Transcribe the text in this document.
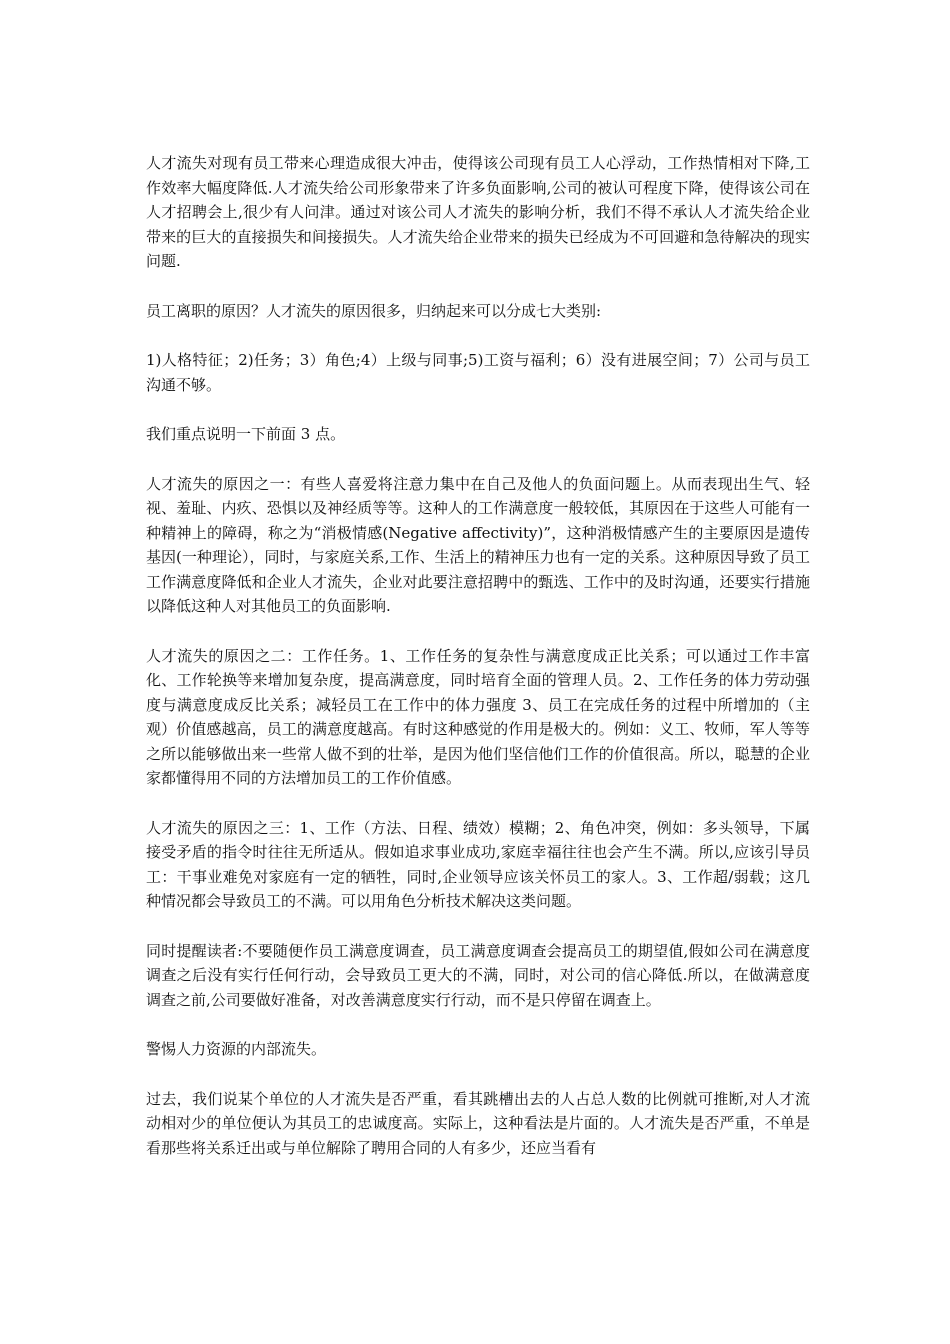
人才流失对现有员工带来心理造成很大冲击，使得该公司现有员工人心浮动，工作热情相对下降,工作效率大幅度降低.人才流失给公司形象带来了许多负面影响,公司的被认可程度下降，使得该公司在人才招聘会上,很少有人问津。通过对该公司人才流失的影响分析，我们不得不承认人才流失给企业带来的巨大的直接损失和间接损失。人才流失给企业带来的损失已经成为不可回避和急待解决的现实问题.

员工离职的原因？人才流失的原因很多，归纳起来可以分成七大类别:

1)人格特征；2)任务；3）角色;4）上级与同事;5)工资与福利；6）没有进展空间；7）公司与员工沟通不够。

我们重点说明一下前面 3 点。

人才流失的原因之一：有些人喜爱将注意力集中在自己及他人的负面问题上。从而表现出生气、轻视、羞耻、内疚、恐惧以及神经质等等。这种人的工作满意度一般较低，其原因在于这些人可能有一种精神上的障碍，称之为“消极情感(Negative affectivity)”，这种消极情感产生的主要原因是遗传基因(一种理论），同时，与家庭关系,工作、生活上的精神压力也有一定的关系。这种原因导致了员工工作满意度降低和企业人才流失，企业对此要注意招聘中的甄选、工作中的及时沟通，还要实行措施以降低这种人对其他员工的负面影响.

人才流失的原因之二：工作任务。1、工作任务的复杂性与满意度成正比关系；可以通过工作丰富化、工作轮换等来增加复杂度，提高满意度，同时培育全面的管理人员。2、工作任务的体力劳动强度与满意度成反比关系；减轻员工在工作中的体力强度 3、员工在完成任务的过程中所增加的（主观）价值感越高，员工的满意度越高。有时这种感觉的作用是极大的。例如：义工、牧师，军人等等之所以能够做出来一些常人做不到的壮举，是因为他们坚信他们工作的价值很高。所以，聪慧的企业家都懂得用不同的方法增加员工的工作价值感。

人才流失的原因之三：1、工作（方法、日程、绩效）模糊；2、角色冲突，例如：多头领导，下属接受矛盾的指令时往往无所适从。假如追求事业成功,家庭幸福往往也会产生不满。所以,应该引导员工：干事业难免对家庭有一定的牺牲，同时,企业领导应该关怀员工的家人。3、工作超/弱载；这几种情况都会导致员工的不满。可以用角色分析技术解决这类问题。

同时提醒读者:不要随便作员工满意度调查，员工满意度调查会提高员工的期望值,假如公司在满意度调查之后没有实行任何行动，会导致员工更大的不满，同时，对公司的信心降低.所以，在做满意度调查之前,公司要做好准备，对改善满意度实行行动，而不是只停留在调查上。

警惕人力资源的内部流失。

过去，我们说某个单位的人才流失是否严重，看其跳槽出去的人占总人数的比例就可推断,对人才流动相对少的单位便认为其员工的忠诚度高。实际上，这种看法是片面的。人才流失是否严重，不单是看那些将关系迁出或与单位解除了聘用合同的人有多少，还应当看有
